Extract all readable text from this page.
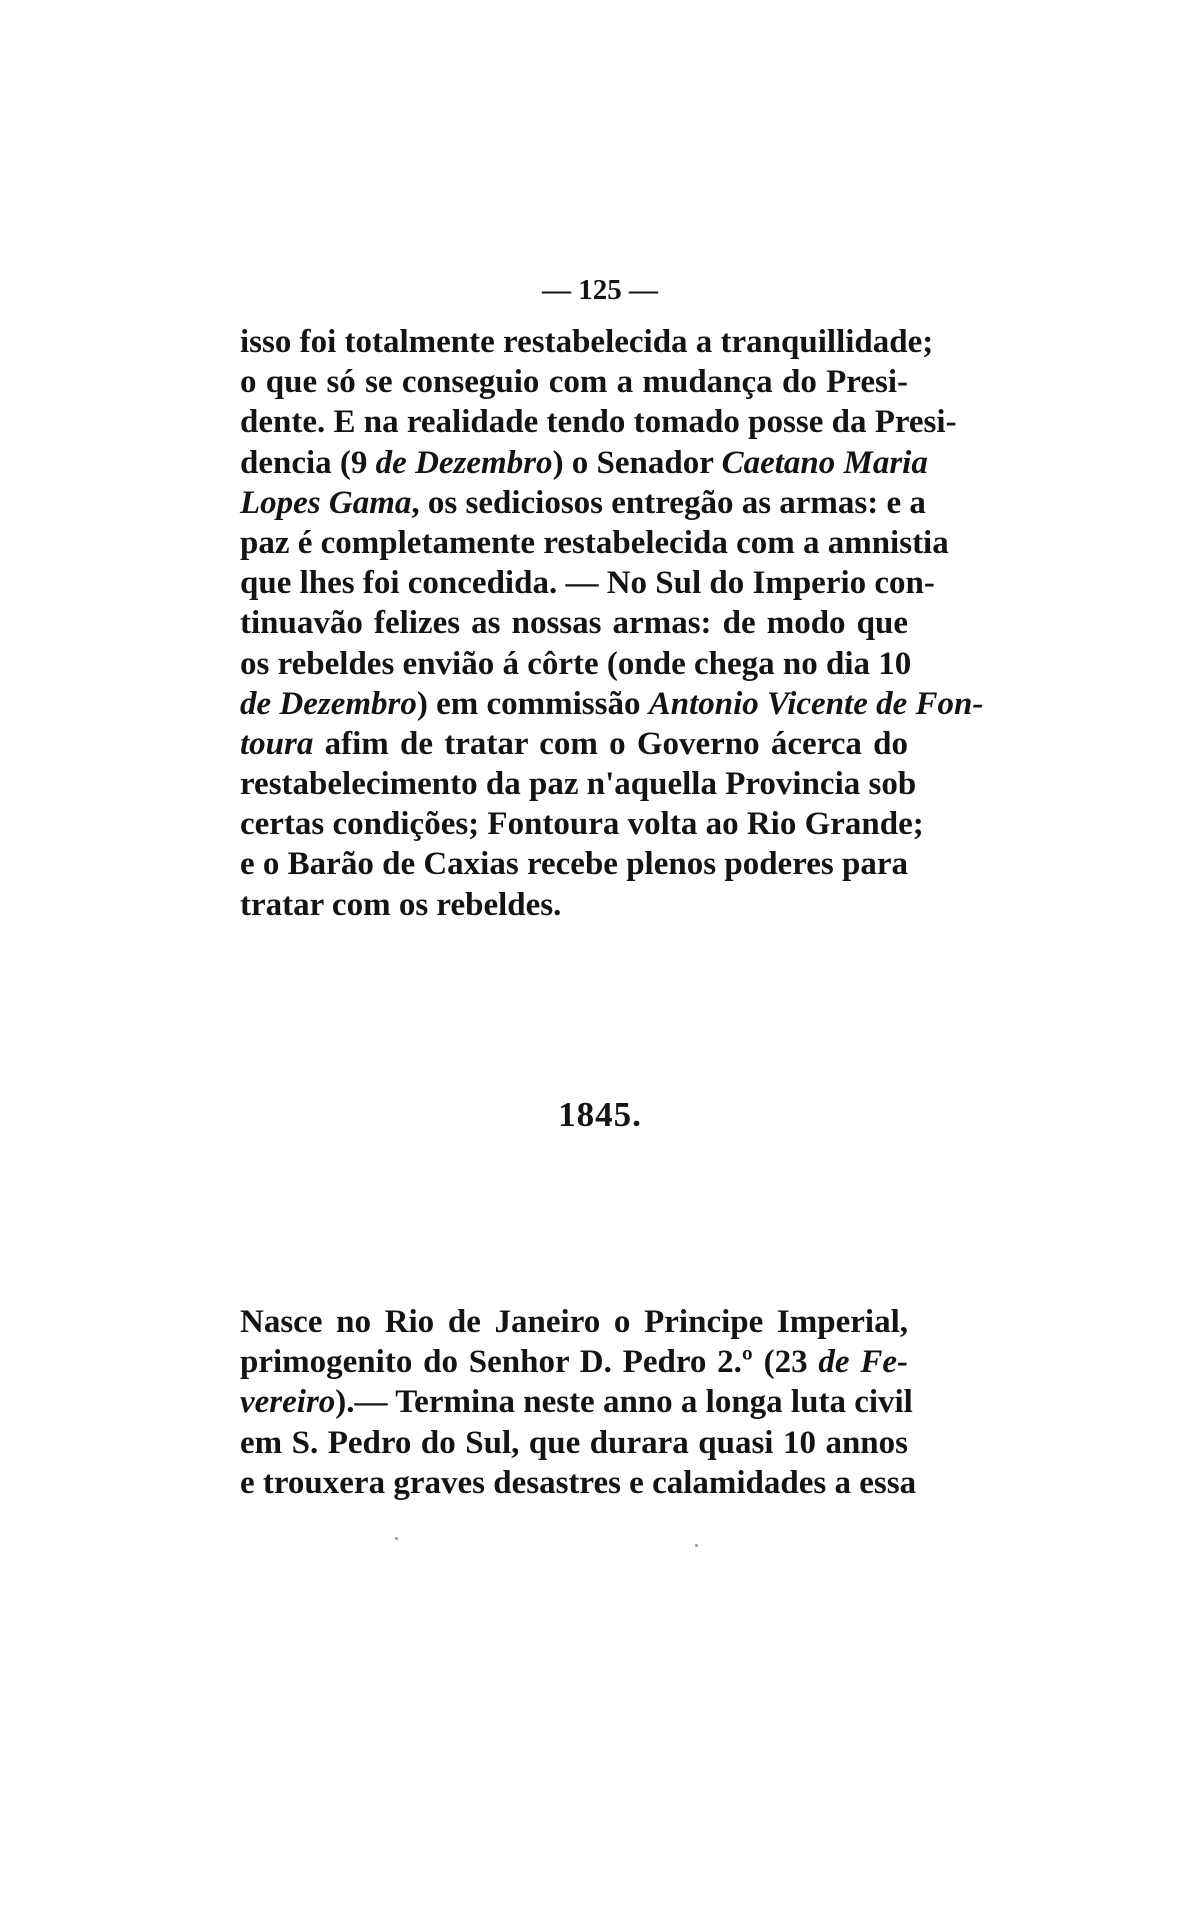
— 125 —
isso foi totalmente restabelecida a tranquillidade;
o que só se conseguio com a mudança do Presi-
dente. E na realidade tendo tomado posse da Presi-
dencia (9 de Dezembro) o Senador Caetano Maria
Lopes Gama, os sediciosos entregão as armas: e a
paz é completamente restabelecida com a amnistia
que lhes foi concedida. — No Sul do Imperio con-
tinuavão felizes as nossas armas: de modo que
os rebeldes envião á côrte (onde chega no dia 10
de Dezembro) em commissão Antonio Vicente de Fon-
toura afim de tratar com o Governo ácerca do
restabelecimento da paz n'aquella Provincia sob
certas condições; Fontoura volta ao Rio Grande;
e o Barão de Caxias recebe plenos poderes para
tratar com os rebeldes.
1845.
Nasce no Rio de Janeiro o Principe Imperial,
primogenito do Senhor D. Pedro 2.º (23 de Fe-
vereiro).— Termina neste anno a longa luta civil
em S. Pedro do Sul, que durara quasi 10 annos
e trouxera graves desastres e calamidades a essa
